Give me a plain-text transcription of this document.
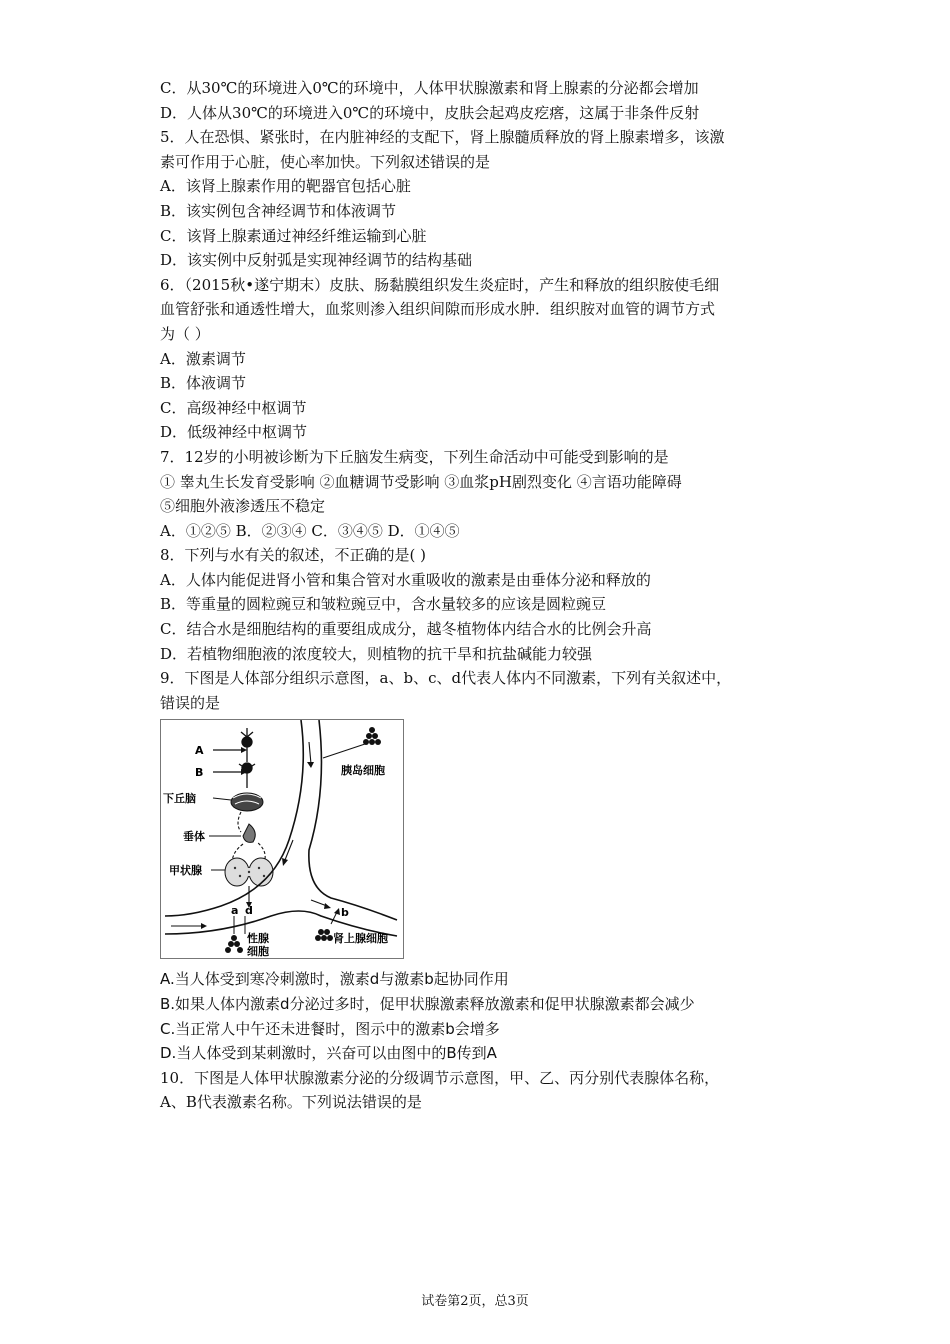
C．从30℃的环境进入0℃的环境中，人体甲状腺激素和肾上腺素的分泌都会增加
D．人体从30℃的环境进入0℃的环境中，皮肤会起鸡皮疙瘩，这属于非条件反射
5．人在恐惧、紧张时，在内脏神经的支配下，肾上腺髓质释放的肾上腺素增多，该激
素可作用于心脏，使心率加快。下列叙述错误的是
A．该肾上腺素作用的靶器官包括心脏
B．该实例包含神经调节和体液调节
C．该肾上腺素通过神经纤维运输到心脏
D．该实例中反射弧是实现神经调节的结构基础
6．（2015秋•遂宁期末）皮肤、肠黏膜组织发生炎症时，产生和释放的组织胺使毛细
血管舒张和通透性增大，血浆则渗入组织间隙而形成水肿．组织胺对血管的调节方式
为（ ）
A．激素调节
B．体液调节
C．高级神经中枢调节
D．低级神经中枢调节
7．12岁的小明被诊断为下丘脑发生病变，下列生命活动中可能受到影响的是
① 睾丸生长发育受影响 ②血糖调节受影响 ③血浆pH剧烈变化 ④言语功能障碍
⑤细胞外液渗透压不稳定
A．①②⑤ B．②③④ C．③④⑤ D．①④⑤
8．下列与水有关的叙述，不正确的是( )
A．人体内能促进肾小管和集合管对水重吸收的激素是由垂体分泌和释放的
B．等重量的圆粒豌豆和皱粒豌豆中，含水量较多的应该是圆粒豌豆
C．结合水是细胞结构的重要组成成分，越冬植物体内结合水的比例会升高
D．若植物细胞液的浓度较大，则植物的抗干旱和抗盐碱能力较强
9．下图是人体部分组织示意图，a、b、c、d代表人体内不同激素，下列有关叙述中，
错误的是
A
B
下丘脑
垂体
甲状腺
胰岛细胞
a d	b
性腺
细胞
肾上腺细胞
A.当人体受到寒冷刺激时，激素d与激素b起协同作用
B.如果人体内激素d分泌过多时，促甲状腺激素释放激素和促甲状腺激素都会减少
C.当正常人中午还未进餐时，图示中的激素b会增多
D.当人体受到某刺激时，兴奋可以由图中的B传到A
10．下图是人体甲状腺激素分泌的分级调节示意图，甲、乙、丙分别代表腺体名称，
A、B代表激素名称。下列说法错误的是
试卷第2页，总3页
